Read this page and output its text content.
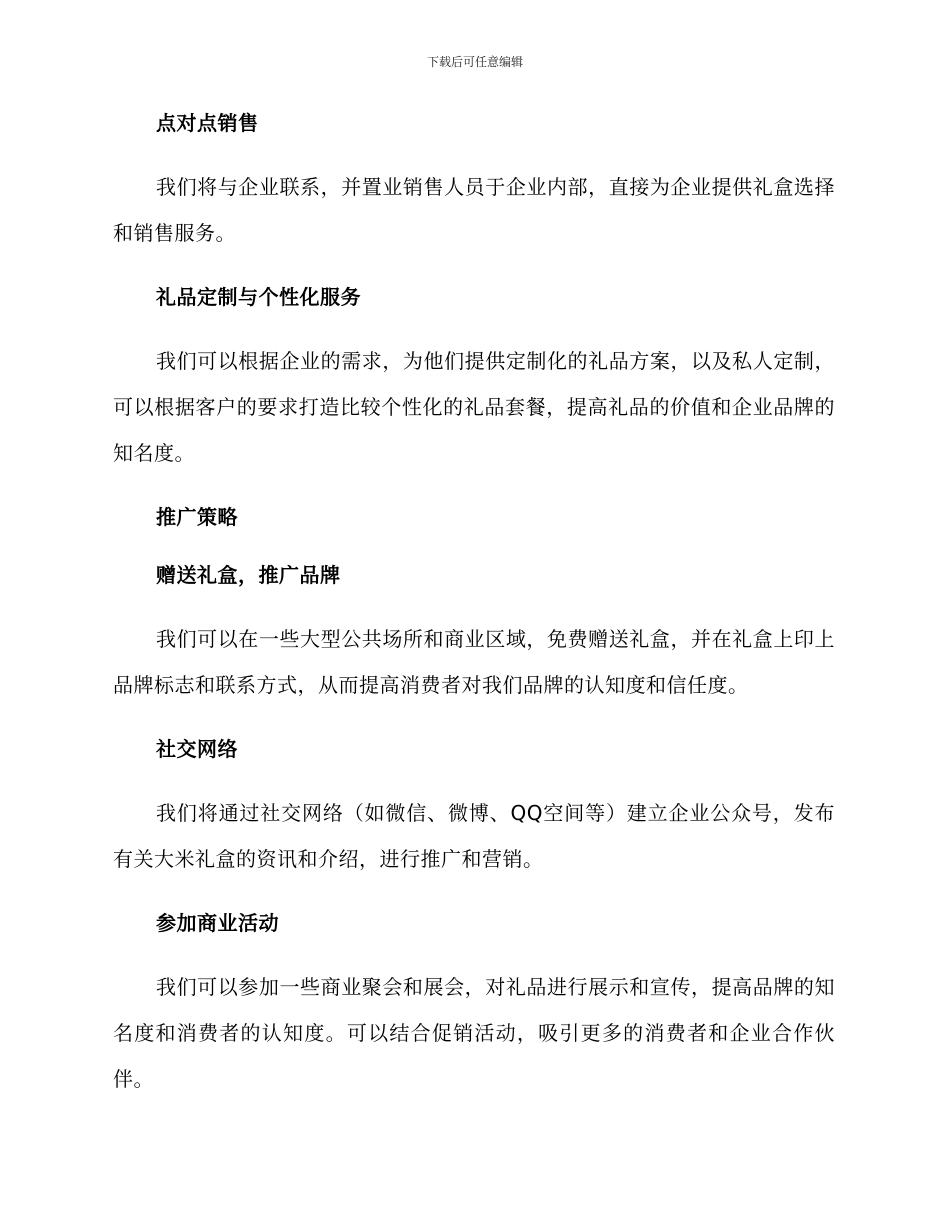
下载后可任意编辑
点对点销售
我们将与企业联系，并置业销售人员于企业内部，直接为企业提供礼盒选择和销售服务。
礼品定制与个性化服务
我们可以根据企业的需求，为他们提供定制化的礼品方案，以及私人定制，可以根据客户的要求打造比较个性化的礼品套餐，提高礼品的价值和企业品牌的知名度。
推广策略
赠送礼盒，推广品牌
我们可以在一些大型公共场所和商业区域，免费赠送礼盒，并在礼盒上印上品牌标志和联系方式，从而提高消费者对我们品牌的认知度和信任度。
社交网络
我们将通过社交网络（如微信、微博、QQ空间等）建立企业公众号，发布有关大米礼盒的资讯和介绍，进行推广和营销。
参加商业活动
我们可以参加一些商业聚会和展会，对礼品进行展示和宣传，提高品牌的知名度和消费者的认知度。可以结合促销活动，吸引更多的消费者和企业合作伙伴。
